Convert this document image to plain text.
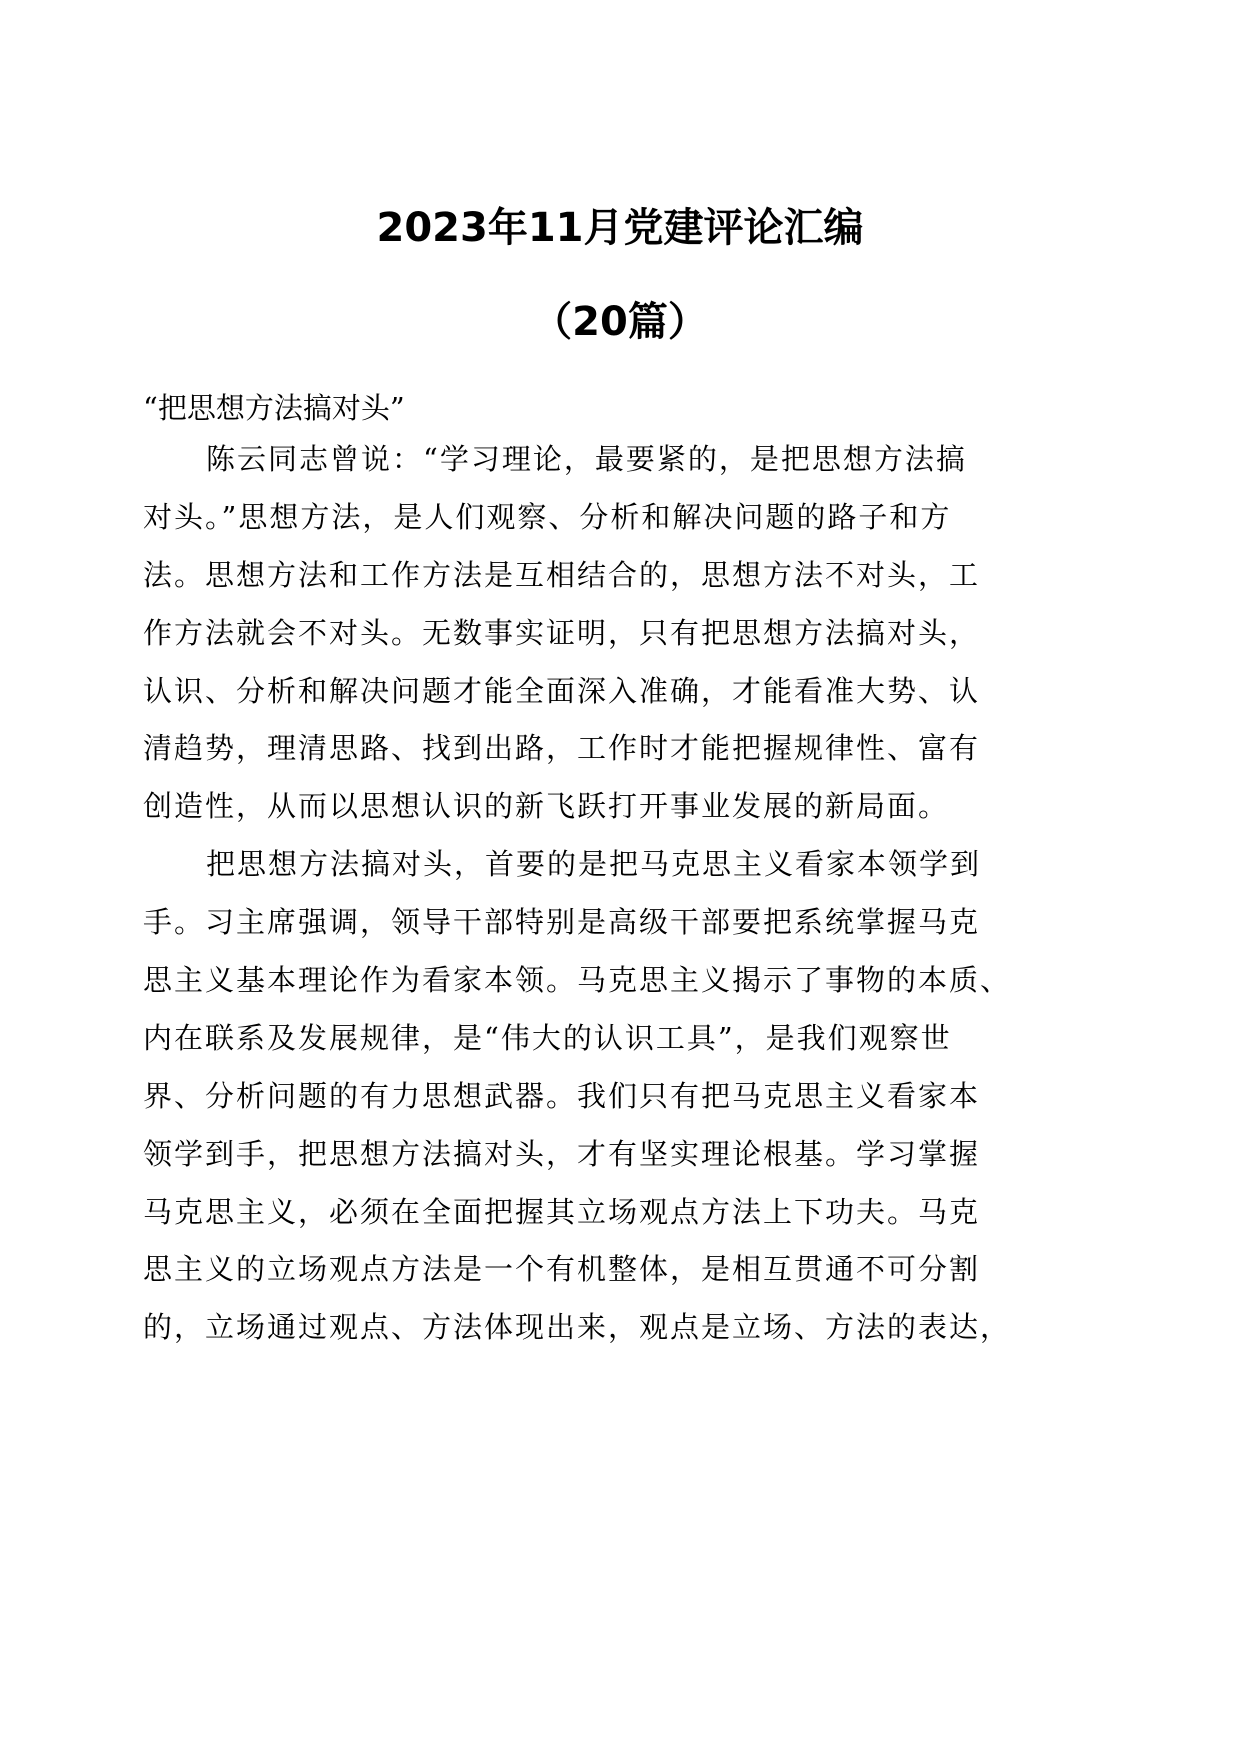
2023年11月党建评论汇编
（20篇）
“把思想方法搞对头”
陈云同志曾说：“学习理论，最要紧的，是把思想方法搞
对头。”思想方法，是人们观察、分析和解决问题的路子和方
法。思想方法和工作方法是互相结合的，思想方法不对头，工
作方法就会不对头。无数事实证明，只有把思想方法搞对头，
认识、分析和解决问题才能全面深入准确，才能看准大势、认
清趋势，理清思路、找到出路，工作时才能把握规律性、富有
创造性，从而以思想认识的新飞跃打开事业发展的新局面。
把思想方法搞对头，首要的是把马克思主义看家本领学到
手。习主席强调，领导干部特别是高级干部要把系统掌握马克
思主义基本理论作为看家本领。马克思主义揭示了事物的本质、
内在联系及发展规律，是“伟大的认识工具”，是我们观察世
界、分析问题的有力思想武器。我们只有把马克思主义看家本
领学到手，把思想方法搞对头，才有坚实理论根基。学习掌握
马克思主义，必须在全面把握其立场观点方法上下功夫。马克
思主义的立场观点方法是一个有机整体，是相互贯通不可分割
的，立场通过观点、方法体现出来，观点是立场、方法的表达，
